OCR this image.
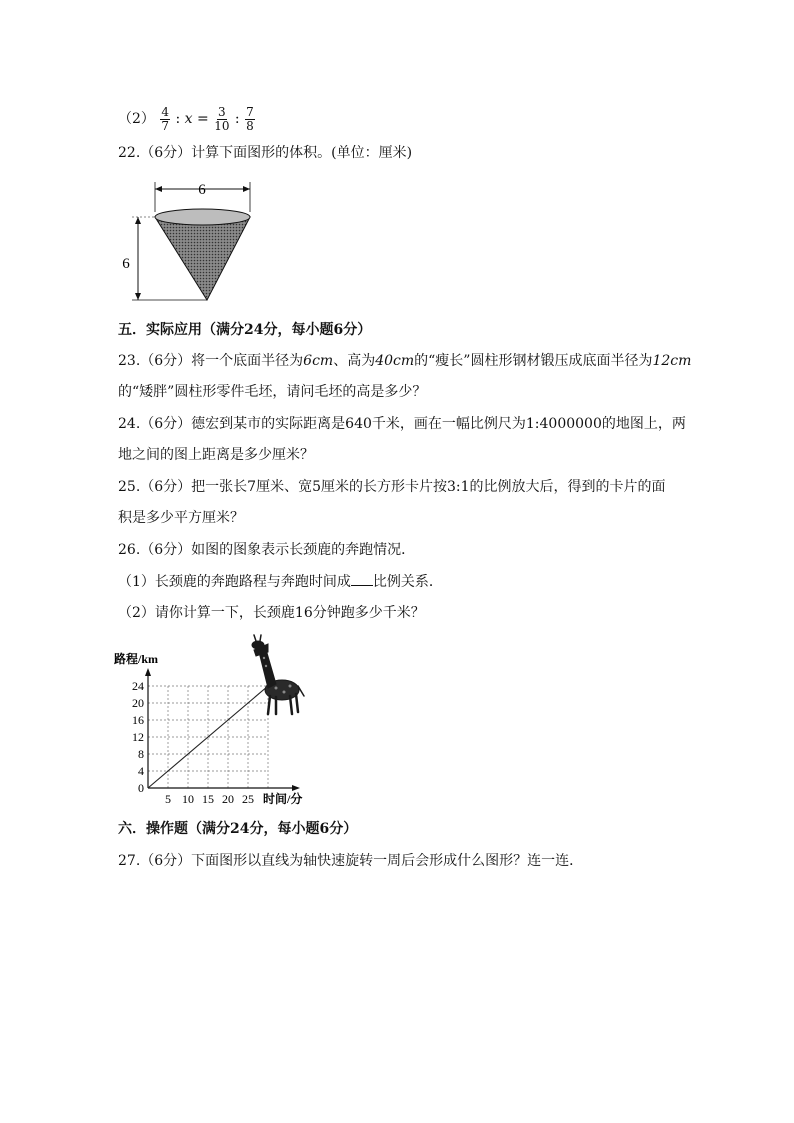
$(2) \frac{4}{7}$ : $x = \frac{3}{10}$ : $\frac{7}{8}$
22.（6分）计算下面图形的体积。(单位：厘米)
6
6
五．实际应用（满分24分，每小题6分）
23.（6分）将一个底面半径为6cm、高为40cm的“瘦长”圆柱形钢材锻压成底面半径为12cm
的“矮胖”圆柱形零件毛坯，请问毛坯的高是多少？
24.（6分）德宏到某市的实际距离是640千米，画在一幅比例尺为1:4000000的地图上，两
地之间的图上距离是多少厘米？
25.（6分）把一张长7厘米、宽5厘米的长方形卡片按3:1的比例放大后，得到的卡片的面
积是多少平方厘米？
26.（6分）如图的图象表示长颈鹿的奔跑情况．
（1）长颈鹿的奔跑路程与奔跑时间成 比例关系．
（2）请你计算一下，长颈鹿16分钟跑多少千米？
路程/km
5 10 15 20 25
0
4
8
12
16
20
24
时间/分
六．操作题（满分24分，每小题6分）
27.（6分）下面图形以直线为轴快速旋转一周后会形成什么图形？连一连．
